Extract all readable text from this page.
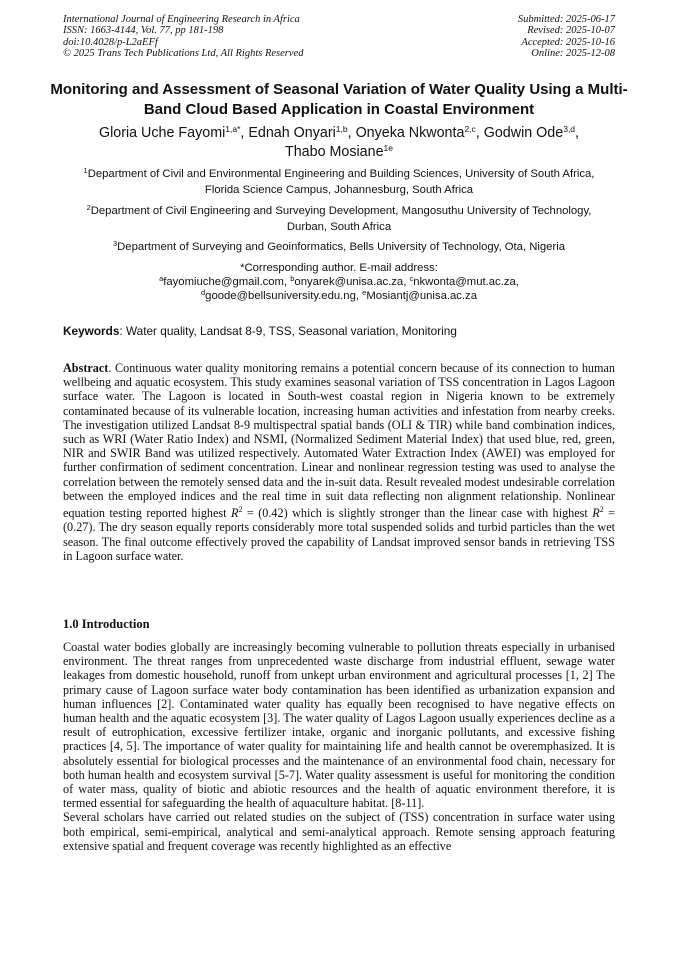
International Journal of Engineering Research in Africa
ISSN: 1663-4144, Vol. 77, pp 181-198
doi:10.4028/p-L2aEFf
© 2025 Trans Tech Publications Ltd, All Rights Reserved
Submitted: 2025-06-17
Revised: 2025-10-07
Accepted: 2025-10-16
Online: 2025-12-08
Monitoring and Assessment of Seasonal Variation of Water Quality Using a Multi-Band Cloud Based Application in Coastal Environment
Gloria Uche Fayomi$^{1,a*}$, Ednah Onyari$^{1,b}$, Onyeka Nkwonta$^{2,c}$, Godwin Ode$^{3,d}$,
Thabo Mosiane$^{1e}$
$^1$Department of Civil and Environmental Engineering and Building Sciences, University of South Africa, Florida Science Campus, Johannesburg, South Africa
$^2$Department of Civil Engineering and Surveying Development, Mangosuthu University of Technology, Durban, South Africa
$^3$Department of Surveying and Geoinformatics, Bells University of Technology, Ota, Nigeria
*Corresponding author. E-mail address:
$^a$fayomiuche@gmail.com, $^b$onyarek@unisa.ac.za, $^c$nkwonta@mut.ac.za,
$^d$goode@bellsuniversity.edu.ng, $^e$Mosiantj@unisa.ac.za
Keywords: Water quality, Landsat 8-9, TSS, Seasonal variation, Monitoring
Abstract. Continuous water quality monitoring remains a potential concern because of its connection to human wellbeing and aquatic ecosystem. This study examines seasonal variation of TSS concentration in Lagos Lagoon surface water. The Lagoon is located in South-west coastal region in Nigeria known to be extremely contaminated because of its vulnerable location, increasing human activities and infestation from nearby creeks. The investigation utilized Landsat 8-9 multispectral spatial bands (OLI & TIR) while band combination indices, such as WRI (Water Ratio Index) and NSMI, (Normalized Sediment Material Index) that used blue, red, green, NIR and SWIR Band was utilized respectively. Automated Water Extraction Index (AWEI) was employed for further confirmation of sediment concentration. Linear and nonlinear regression testing was used to analyse the correlation between the remotely sensed data and the in-suit data. Result revealed modest undesirable correlation between the employed indices and the real time in suit data reflecting non alignment relationship. Nonlinear equation testing reported highest $R^2 = (0.42)$ which is slightly stronger than the linear case with highest $R^2 = (0.27)$. The dry season equally reports considerably more total suspended solids and turbid particles than the wet season. The final outcome effectively proved the capability of Landsat improved sensor bands in retrieving TSS in Lagoon surface water.
1.0 Introduction

Coastal water bodies globally are increasingly becoming vulnerable to pollution threats especially in urbanised environment. The threat ranges from unprecedented waste discharge from industrial effluent, sewage water leakages from domestic household, runoff from unkept urban environment and agricultural processes [1, 2] The primary cause of Lagoon surface water body contamination has been identified as urbanization expansion and human influences [2]. Contaminated water quality has equally been recognised to have negative effects on human health and the aquatic ecosystem [3]. The water quality of Lagos Lagoon usually experiences decline as a result of eutrophication, excessive fertilizer intake, organic and inorganic pollutants, and excessive fishing practices [4, 5]. The importance of water quality for maintaining life and health cannot be overemphasized. It is absolutely essential for biological processes and the maintenance of an environmental food chain, necessary for both human health and ecosystem survival [5-7]. Water quality assessment is useful for monitoring the condition of water mass, quality of biotic and abiotic resources and the health of aquatic environment therefore, it is termed essential for safeguarding the health of aquaculture habitat. [8-11].

Several scholars have carried out related studies on the subject of (TSS) concentration in surface water using both empirical, semi-empirical, analytical and semi-analytical approach. Remote sensing approach featuring extensive spatial and frequent coverage was recently highlighted as an effective
